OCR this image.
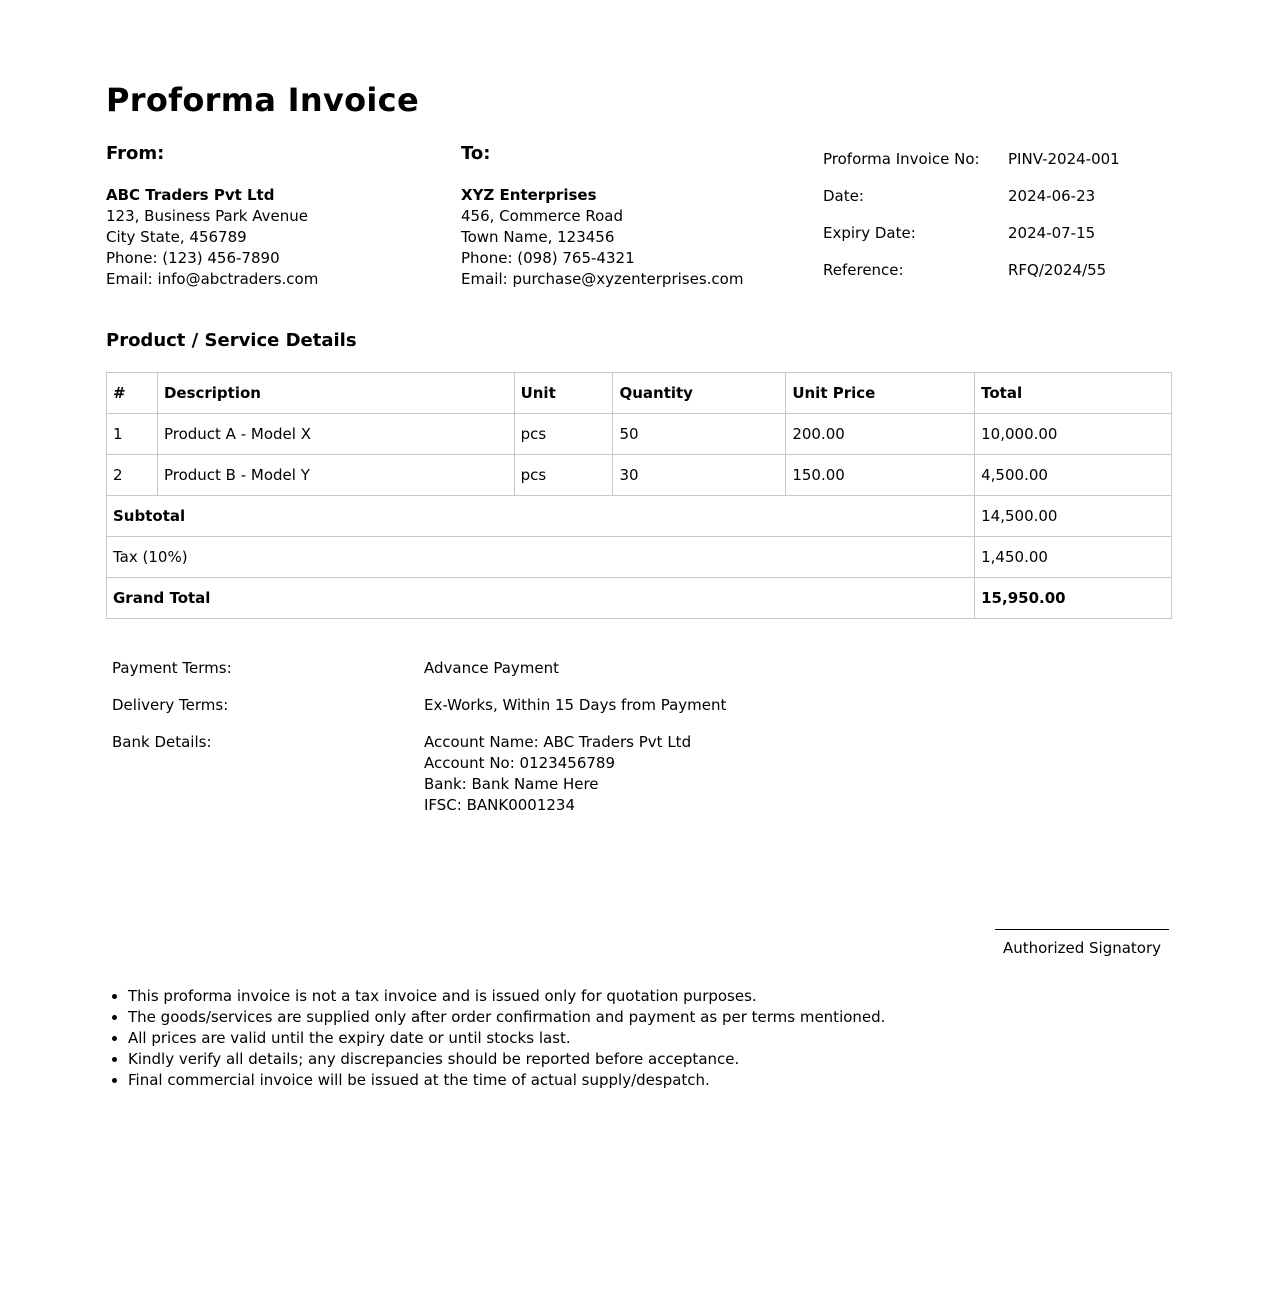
Proforma Invoice
From:
ABC Traders Pvt Ltd
123, Business Park Avenue
City State, 456789
Phone: (123) 456-7890
Email: info@abctraders.com
To:
XYZ Enterprises
456, Commerce Road
Town Name, 123456
Phone: (098) 765-4321
Email: purchase@xyzenterprises.com
Proforma Invoice No:	PINV-2024-001
Date:	2024-06-23
Expiry Date:	2024-07-15
Reference:	RFQ/2024/55
Product / Service Details
#	Description	Unit	Quantity	Unit Price	Total
1	Product A - Model X	pcs	50	200.00	10,000.00
2	Product B - Model Y	pcs	30	150.00	4,500.00
Subtotal					14,500.00
Tax (10%)					1,450.00
Grand Total					15,950.00
Payment Terms:	Advance Payment
Delivery Terms:	Ex-Works, Within 15 Days from Payment
Bank Details:	Account Name: ABC Traders Pvt Ltd
Account No: 0123456789
Bank: Bank Name Here
IFSC: BANK0001234
Authorized Signatory
• This proforma invoice is not a tax invoice and is issued only for quotation purposes.
• The goods/services are supplied only after order confirmation and payment as per terms mentioned.
• All prices are valid until the expiry date or until stocks last.
• Kindly verify all details; any discrepancies should be reported before acceptance.
• Final commercial invoice will be issued at the time of actual supply/despatch.
